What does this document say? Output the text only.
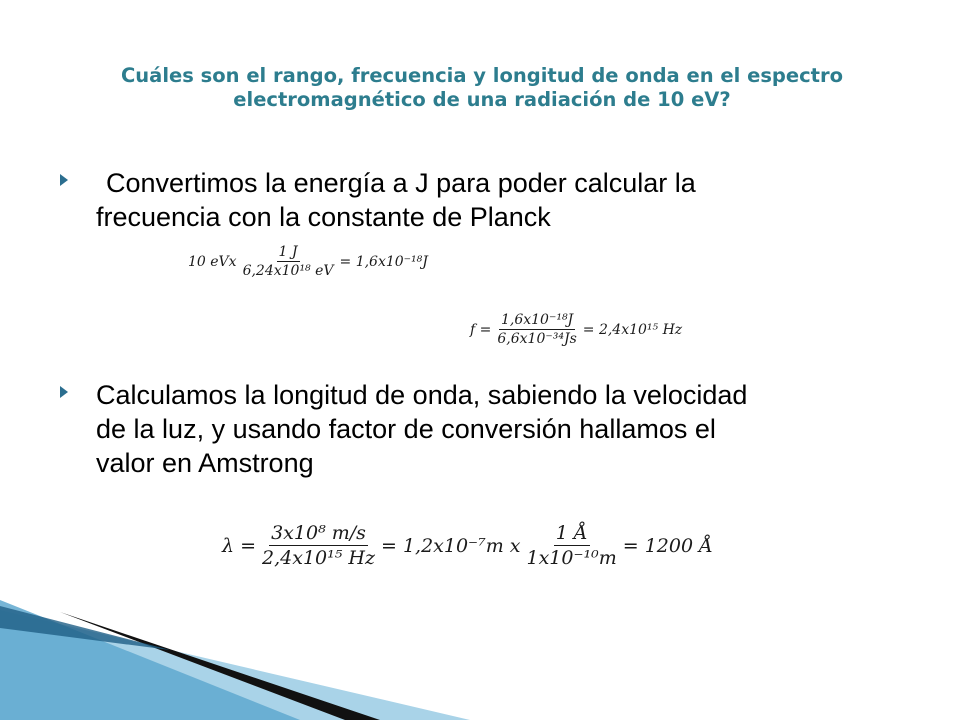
Cuáles son el rango, frecuencia y longitud de onda en el espectro
electromagnético de una radiación de 10 eV?
Convertimos la energía a J para poder calcular la
frecuencia con la constante de Planck
10 eVx $\frac{1 J}{\text{6,24x10¹⁸ eV}} = 1,6x10^{-18}J$
$f = \frac{\text{1,6x10⁻¹⁸J}}{\text{6,6x10⁻³⁴Js}} = 2,4x10^{15}$ Hz
Calculamos la longitud de onda, sabiendo la velocidad
de la luz, y usando factor de conversión hallamos el
valor en Amstrong
$\lambda = \frac{\text{3x10⁸ m/s}}{\text{2,4x10¹⁵ Hz}} = 1,2x10^{-7}m$ x $\frac{1 Å}{\text{1x10⁻¹⁰m}} = 1200$ Å
